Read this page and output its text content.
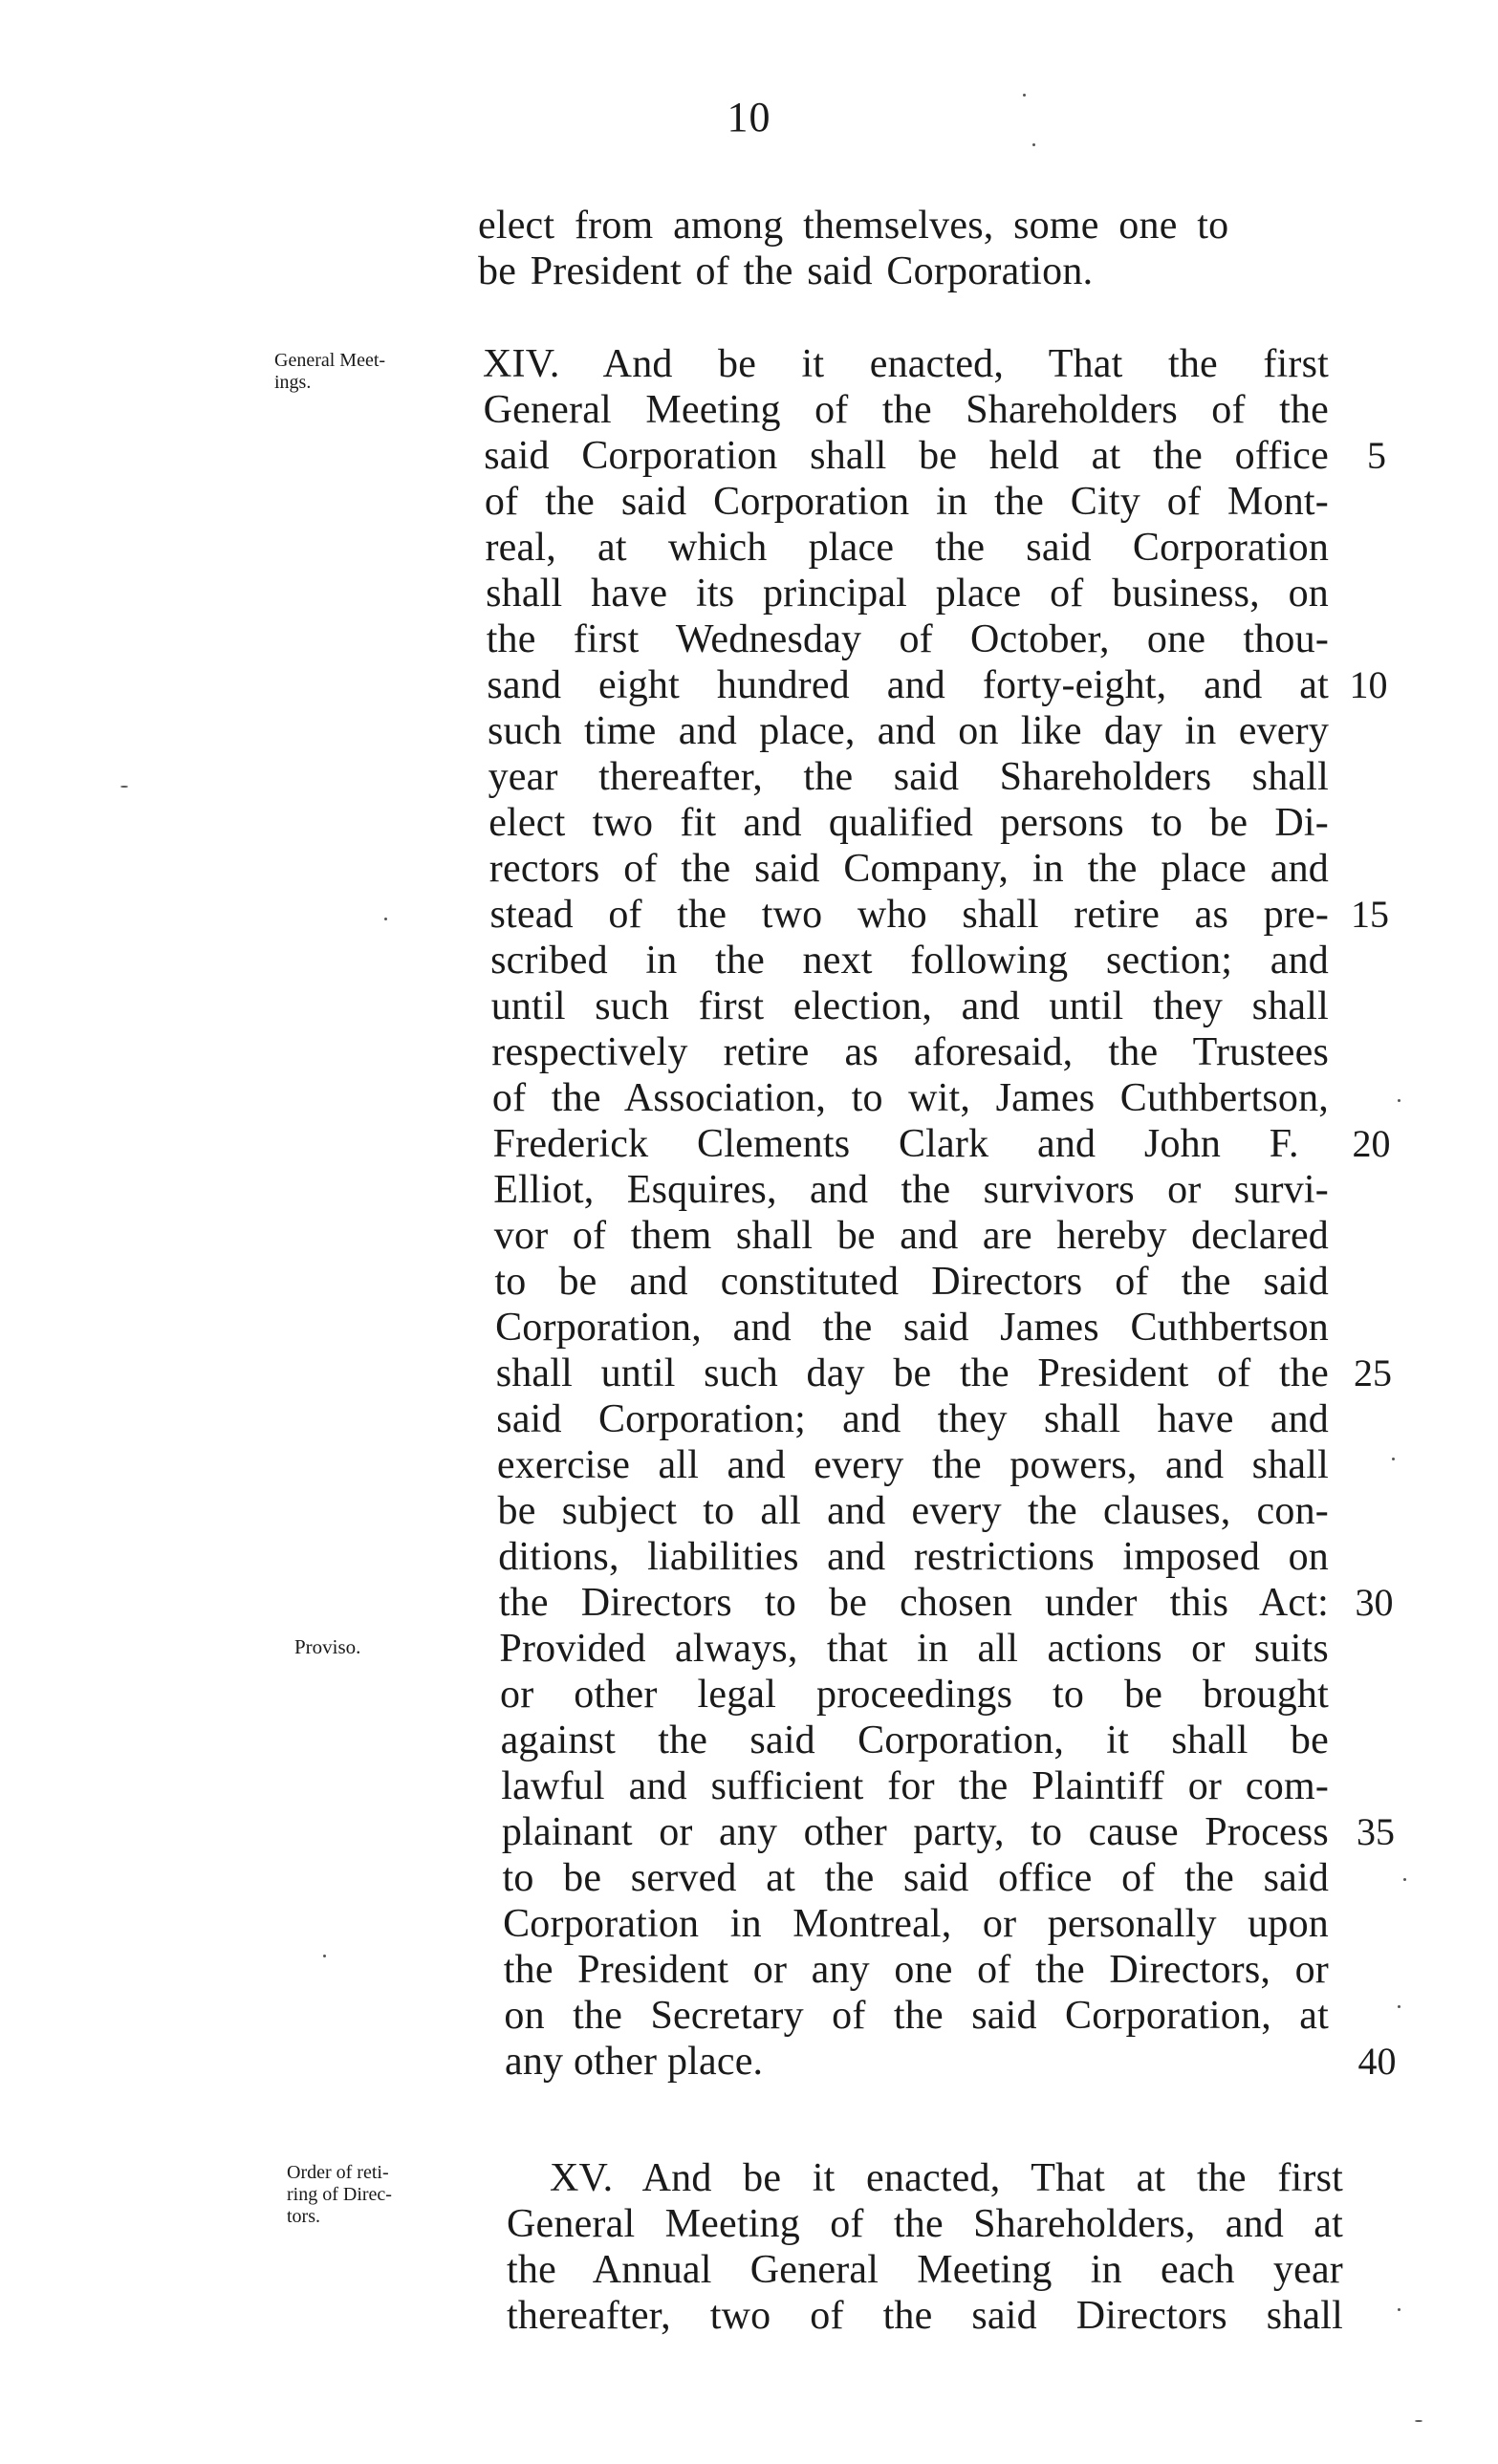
10
elect from among themselves, some one to
be President of the said Corporation.
General Meet-
ings.
Proviso.
XIV. And be it enacted, That the first
General Meeting of the Shareholders of the
said Corporation shall be held at the office
of the said Corporation in the City of Mont-
real, at which place the said Corporation
shall have its principal place of business, on
the first Wednesday of October, one thou-
sand eight hundred and forty-eight, and at
such time and place, and on like day in every
year thereafter, the said Shareholders shall
elect two fit and qualified persons to be Di-
rectors of the said Company, in the place and
stead of the two who shall retire as pre-
scribed in the next following section; and
until such first election, and until they shall
respectively retire as aforesaid, the Trustees
of the Association, to wit, James Cuthbertson,
Frederick Clements Clark and John F.
Elliot, Esquires, and the survivors or survi-
vor of them shall be and are hereby declared
to be and constituted Directors of the said
Corporation, and the said James Cuthbertson
shall until such day be the President of the
said Corporation; and they shall have and
exercise all and every the powers, and shall
be subject to all and every the clauses, con-
ditions, liabilities and restrictions imposed on
the Directors to be chosen under this Act:
Provided always, that in all actions or suits
or other legal proceedings to be brought
against the said Corporation, it shall be
lawful and sufficient for the Plaintiff or com-
plainant or any other party, to cause Process
to be served at the said office of the said
Corporation in Montreal, or personally upon
the President or any one of the Directors, or
on the Secretary of the said Corporation, at
any other place.
5
10
15
20
25
30
35
40
Order of reti-
ring of Direc-
tors.
XV. And be it enacted, That at the first
General Meeting of the Shareholders, and at
the Annual General Meeting in each year
thereafter, two of the said Directors shall
